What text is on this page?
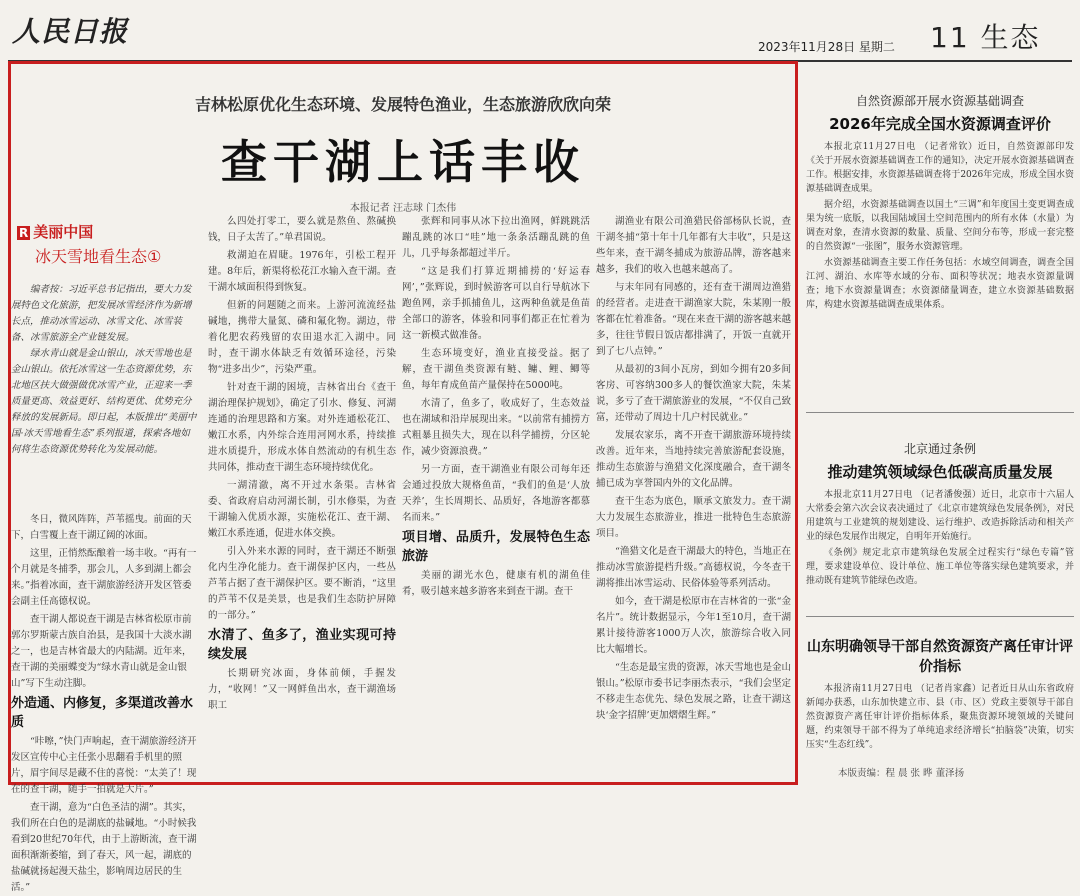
人民日报	2023年11月28日 星期二 11 生态
吉林松原优化生态环境、发展特色渔业，生态旅游欣欣向荣
查干湖上话丰收
本报记者 汪志球 门杰伟
R 美丽中国
冰天雪地看生态①

编者按：习近平总书记指出，要大力发展特色文化旅游，把发展冰雪经济作为新增长点，推动冰雪运动、冰雪文化、冰雪装备、冰雪旅游全产业链发展。

绿水青山就是金山银山，冰天雪地也是金山银山。依托冰雪这一生态资源优势，东北地区扶大做强做优冰雪产业，正迎来一季质量更高、效益更好、结构更优、优势充分释放的发展新局。即日起，本版推出“美丽中国·冰天雪地看生态”系列报道，探索各地如何将生态资源优势转化为发展动能。

冬日，微风阵阵，芦苇摇曳。前面的天下，白雪覆上查干湖辽阔的冰面。

这里，正悄然酝酿着一场丰收。“再有一个月就是冬捕季，那会儿，人多到湖上都会来。”指着冰面，查干湖旅游经济开发区管委会副主任高德权说。

查干湖人都说查干湖是吉林省松原市前郭尔罗斯蒙古族自治县，是我国十大淡水湖之一，也是吉林省最大的内陆湖。近年来，查干湖的美丽蝶变为“绿水青山就是金山银山”写下生动注脚。

外造通、内修复，多渠道改善水质

“咔嚓，”快门声响起，查干湖旅游经济开发区宣传中心主任张小思翻看手机里的照片，眉宇间尽是藏不住的喜悦：“太美了！现在的查干湖，随手一拍就是大片。”

查干湖，意为“白色圣洁的湖”。其实，我们所在白色的是湖底的盐碱地。“小时候我看到20世纪70年代，由于上游断流，查干湖面积渐渐萎缩，到了春天，风一起，湖底的盐碱就扬起漫天盐尘，影响周边居民的生活。”

么四处打零工，要么就是熬鱼、熬碱换钱，日子太苦了。”单君国说。

救湖迫在眉睫。1976年，引松工程开建。8年后，新渠将松花江水输入查干湖。查干湖水域面积得到恢复。

但新的问题随之而来。上游河流流经盐碱地，携带大量氮、磷和氟化物。湖边，带着化肥农药残留的农田退水汇入湖中。同时，查干湖水体缺乏有效循环途径，污染物“进多出少”，污染严重。

针对查干湖的困境，吉林省出台《查干湖治理保护规划》，确定了引水、修复、河湖连通的治理思路和方案。对外连通松花江、嫩江水系，内外综合连用河网水系，持续推进水质提升，形成水体自然流动的有机生态共同体，推动查干湖生态环境持续优化。

一湖清澈，离不开过水条渠。吉林省委、省政府启动河湖长制，引水修渠，为查干湖输入优质水源，实施松花江、查干湖、嫩江水系连通，促进水体交换。

引入外来水源的同时，查干湖还不断强化内生净化能力。查干湖保护区内，一些丛芦苇占据了查干湖保护区。要不断消，“这里的芦苇不仅是美景，也是我们生态防护屏障的一部分。”

水清了、鱼多了，渔业实现可持续发展

长期研究冰面，身体前倾，手握发力，“收网！”又一网鲜鱼出水，查干湖渔场职工

张辉和同事从冰下拉出渔网，鲜跳跳活蹦乱跳的冰口“哇”地一条条活蹦乱跳的鱼儿，几乎每条都超过半斤。

“这是我们打算近期捕捞的‘好运春网’，”张辉说，到时候游客可以自行导航冰下跑鱼网，亲手抓捕鱼儿，这两种鱼就是鱼苗全部口的游客，体验和同事们都正在忙着为这一新模式做准备。

生态环境变好，渔业直接受益。据了解，查干湖鱼类资源有鲢、鳙、鲤、鲫等鱼，每年育成鱼苗产量保持在5000吨。

水清了，鱼多了，收成好了，生态效益也在湖域和沿岸展现出来。“以前常有捕捞方式粗暴且损失大，现在以科学捕捞，分区轮作，减少资源浪费。”

另一方面，查干湖渔业有限公司每年还会通过投放大规格鱼苗，“我们的鱼是‘人放天养’，生长周期长、品质好，各地游客都慕名而来。”

项目增、品质升，发展特色生态旅游

美丽的湖光水色，健康有机的湖鱼佳肴，吸引越来越多游客来到查干湖。查干

湖渔业有限公司渔猎民俗部杨队长说，查干湖冬捕“第十年十几年都有大丰收”，只是这些年来，查干湖冬捕成为旅游品牌，游客越来越多，我们的收入也越来越高了。

与末年同有同感的，还有查干湖周边渔猎的经营者。走进查干湖渔家大院，朱某刚一般客都在忙着准备。“现在来查干湖的游客越来越多，往往节假日饭店都排满了，开饭一直就开到了七八点钟。”

从最初的3间小瓦房，到如今拥有20多间客房、可容纳300多人的餐饮渔家大院，朱某说，多亏了查干湖旅游业的发展，“不仅自己致富，还带动了周边十几户村民就业。”

发展农家乐，离不开查干湖旅游环境持续改善。近年来，当地持续完善旅游配套设施，推动生态旅游与渔猎文化深度融合，查干湖冬捕已成为享誉国内外的文化品牌。

查干生态为底色，顺承文旅发力。查干湖大力发展生态旅游业，推进一批特色生态旅游项目。

“渔猎文化是查干湖最大的特色，当地正在推动冰雪旅游提档升级。”高德权说，今冬查干湖将推出冰雪运动、民俗体验等系列活动。

如今，查干湖是松原市在吉林省的一张“金名片”。统计数据显示，今年1至10月，查干湖累计接待游客1000万人次，旅游综合收入同比大幅增长。

“生态是最宝贵的资源，冰天雪地也是金山银山。”松原市委书记李丽杰表示，“我们会坚定不移走生态优先、绿色发展之路，让查干湖这块‘金字招牌’更加熠熠生辉。”

自然资源部开展水资源基础调查
2026年完成全国水资源调查评价

本报北京11月27日电 （记者常钦）近日，自然资源部印发《关于开展水资源基础调查工作的通知》，决定开展水资源基础调查工作。根据安排，水资源基础调查将于2026年完成，形成全国水资源基础调查成果。

据介绍，水资源基础调查以国土“三调”和年度国土变更调查成果为统一底版，以我国陆域国土空间范围内的所有水体（水量）为调查对象，查清水资源的数量、质量、空间分布等，形成一套完整的自然资源“一张图”，服务水资源管理。

水资源基础调查主要工作任务包括：水域空间调查，调查全国江河、湖泊、水库等水域的分布、面积等状况；地表水资源量调查；地下水资源量调查；水资源储量调查，建立水资源基础数据库，构建水资源基础调查成果体系。

北京通过条例
推动建筑领域绿色低碳高质量发展

本报北京11月27日电 （记者潘俊强）近日，北京市十六届人大常委会第六次会议表决通过了《北京市建筑绿色发展条例》，对民用建筑与工业建筑的规划建设、运行维护、改造拆除活动和相关产业的绿色发展作出规定，自明年开始施行。

《条例》规定北京市建筑绿色发展全过程实行“绿色专篇”管理，要求建设单位、设计单位、施工单位等落实绿色建筑要求，并推动既有建筑节能绿色改造。

山东明确领导干部自然资源资产离任审计评价指标

本报济南11月27日电 （记者肖家鑫）记者近日从山东省政府新闻办获悉，山东加快建立市、县（市、区）党政主要领导干部自然资源资产离任审计评价指标体系，聚焦资源环境领域的关键问题，约束领导干部不得为了单纯追求经济增长“拍脑袋”决策，切实压实“生态红线”。

本版责编：程 晨 张 晔 董泽扬
